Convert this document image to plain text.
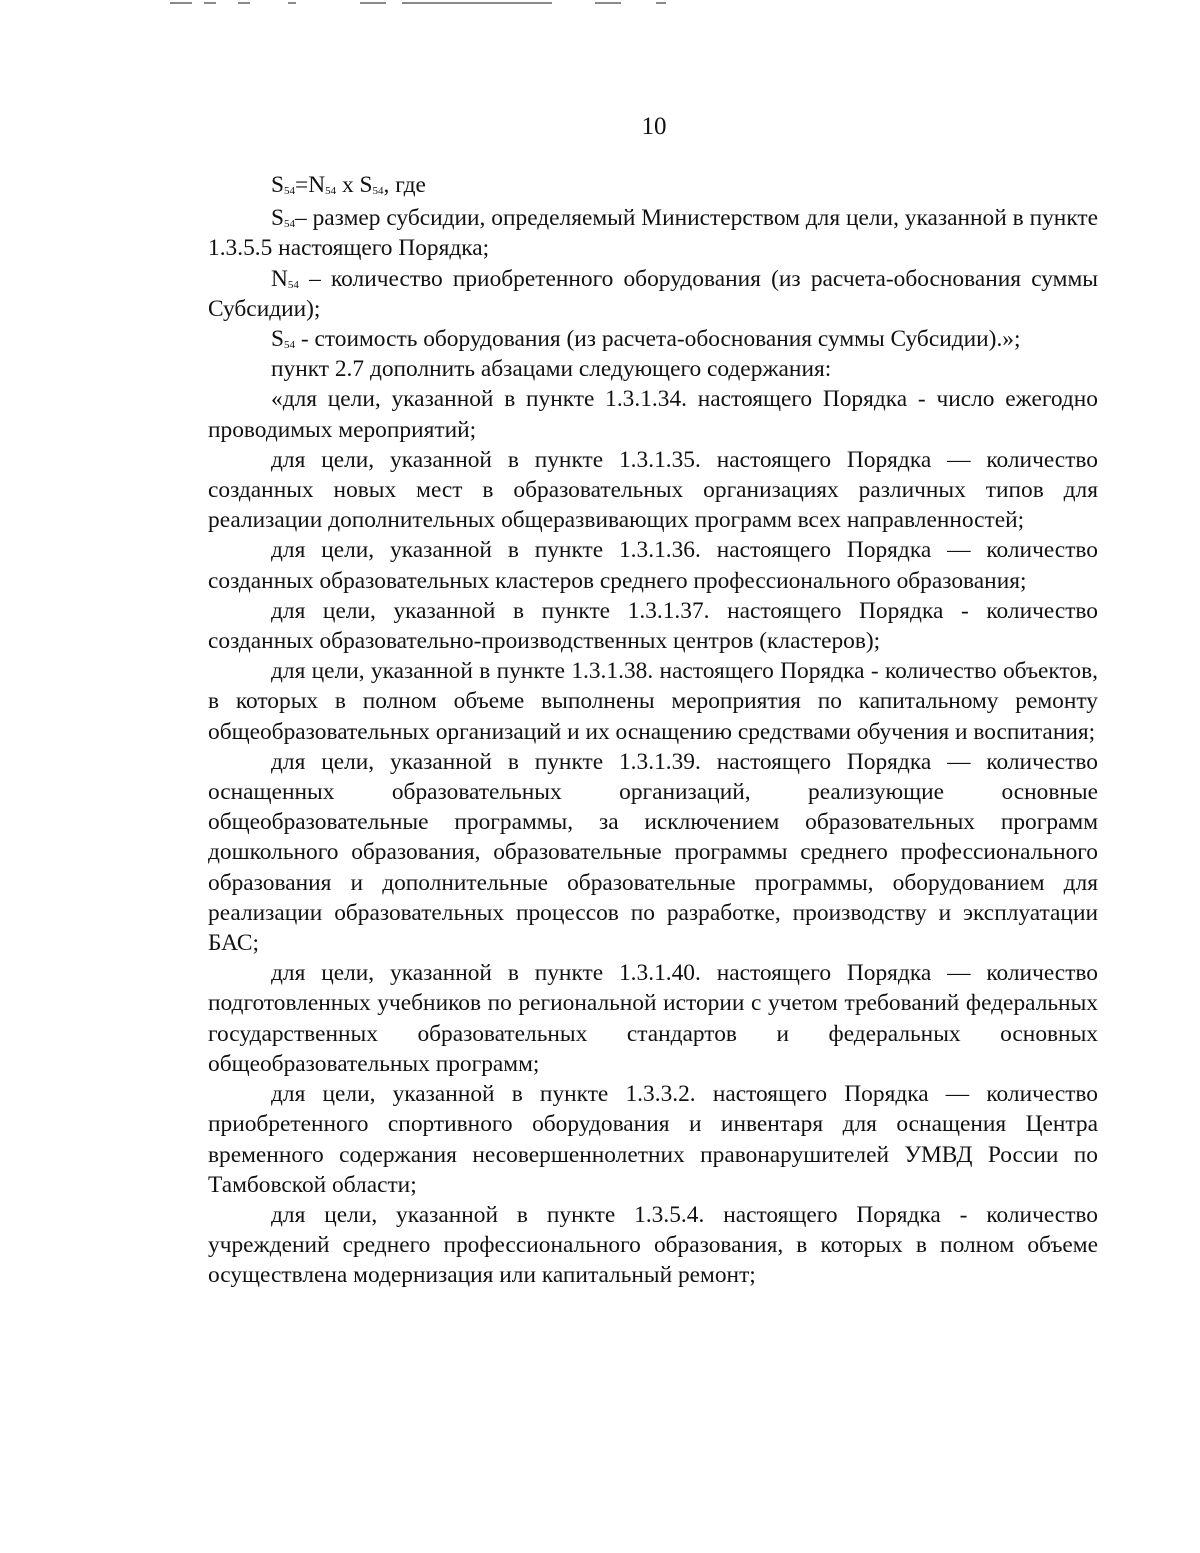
10

$S_{54}=N_{54}$ x $S_{54}$, где

$S_{54}-$ размер субсидии, определяемый Министерством для цели, указанной в пункте 1.3.5.5 настоящего Порядка;

$N_{54}$ – количество приобретенного оборудования (из расчета-обоснования суммы Субсидии);

$S_{54}$ - стоимость оборудования (из расчета-обоснования суммы Субсидии).»;

пункт 2.7 дополнить абзацами следующего содержания:

«для цели, указанной в пункте 1.3.1.34. настоящего Порядка - число ежегодно проводимых мероприятий;

для цели, указанной в пункте 1.3.1.35. настоящего Порядка — количество созданных новых мест в образовательных организациях различных типов для реализации дополнительных общеразвивающих программ всех направленностей;

для цели, указанной в пункте 1.3.1.36. настоящего Порядка — количество созданных образовательных кластеров среднего профессионального образования;

для цели, указанной в пункте 1.3.1.37. настоящего Порядка - количество созданных образовательно-производственных центров (кластеров);

для цели, указанной в пункте 1.3.1.38. настоящего Порядка - количество объектов, в которых в полном объеме выполнены мероприятия по капитальному ремонту общеобразовательных организаций и их оснащению средствами обучения и воспитания;

для цели, указанной в пункте 1.3.1.39. настоящего Порядка — количество оснащенных образовательных организаций, реализующие основные общеобразовательные программы, за исключением образовательных программ дошкольного образования, образовательные программы среднего профессионального образования и дополнительные образовательные программы, оборудованием для реализации образовательных процессов по разработке, производству и эксплуатации БАС;

для цели, указанной в пункте 1.3.1.40. настоящего Порядка — количество подготовленных учебников по региональной истории с учетом требований федеральных государственных образовательных стандартов и федеральных основных общеобразовательных программ;

для цели, указанной в пункте 1.3.3.2. настоящего Порядка — количество приобретенного спортивного оборудования и инвентаря для оснащения Центра временного содержания несовершеннолетних правонарушителей УМВД России по Тамбовской области;

для цели, указанной в пункте 1.3.5.4. настоящего Порядка - количество учреждений среднего профессионального образования, в которых в полном объеме осуществлена модернизация или капитальный ремонт;
